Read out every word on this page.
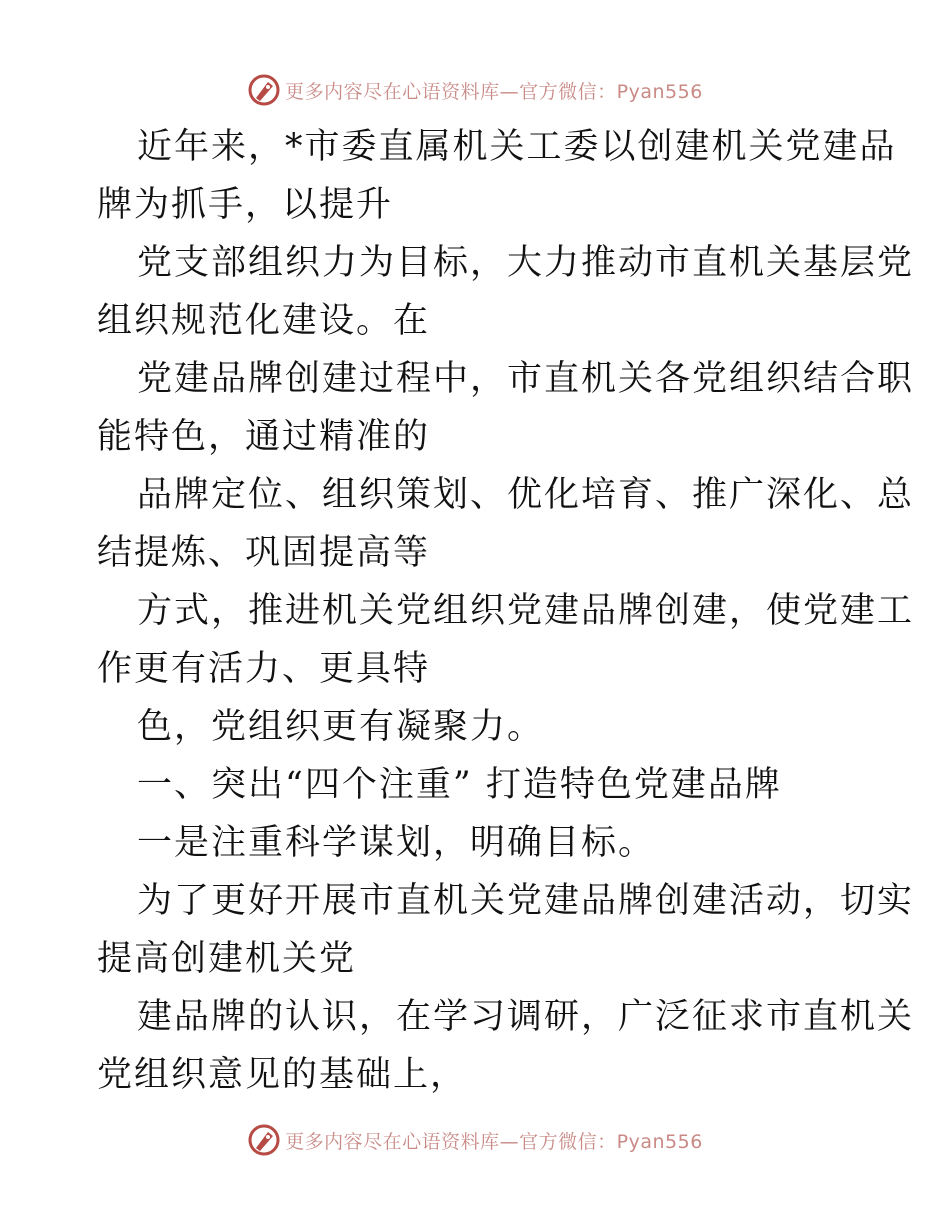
更多内容尽在心语资料库—官方微信：Pyan556
近年来，*市委直属机关工委以创建机关党建品
牌为抓手，以提升
党支部组织力为目标，大力推动市直机关基层党
组织规范化建设。在
党建品牌创建过程中，市直机关各党组织结合职
能特色，通过精准的
品牌定位、组织策划、优化培育、推广深化、总
结提炼、巩固提高等
方式，推进机关党组织党建品牌创建，使党建工
作更有活力、更具特
色，党组织更有凝聚力。
一、突出“四个注重” 打造特色党建品牌
一是注重科学谋划，明确目标。
为了更好开展市直机关党建品牌创建活动，切实
提高创建机关党
建品牌的认识，在学习调研，广泛征求市直机关
党组织意见的基础上，
更多内容尽在心语资料库—官方微信：Pyan556
